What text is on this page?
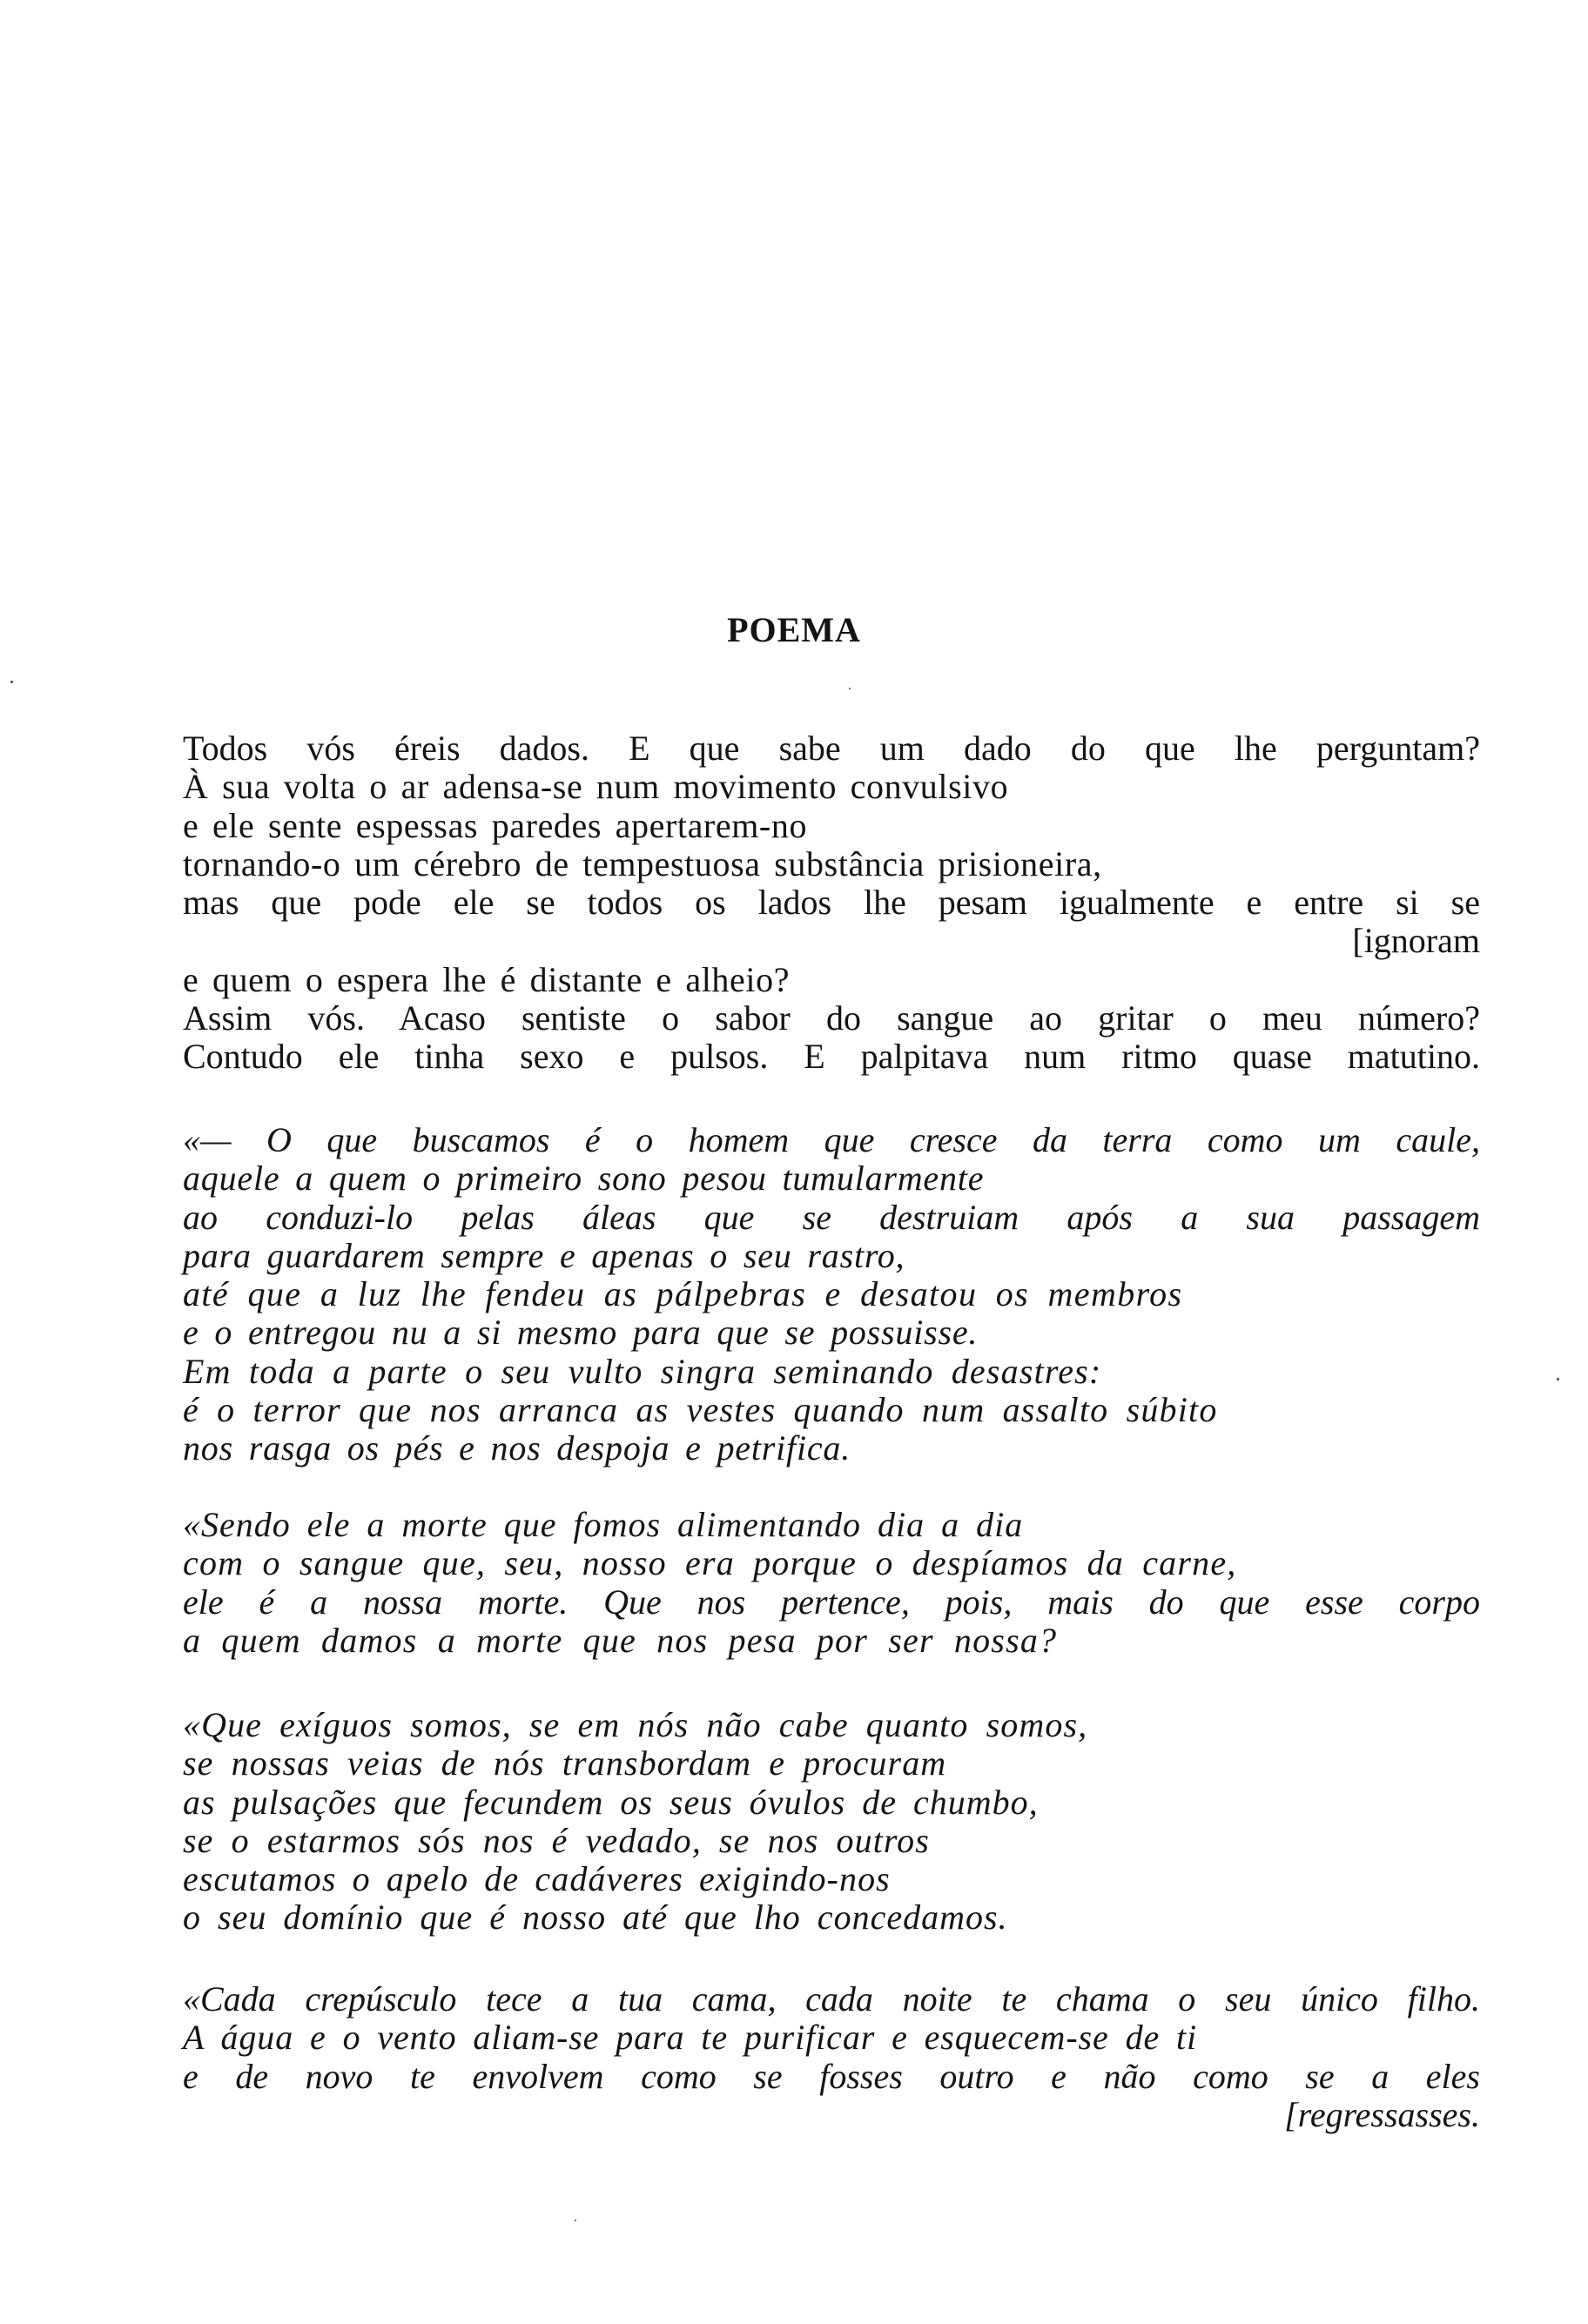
POEMA
Todos vós éreis dados. E que sabe um dado do que lhe perguntam?
À sua volta o ar adensa-se num movimento convulsivo
e ele sente espessas paredes apertarem-no
tornando-o um cérebro de tempestuosa substância prisioneira,
mas que pode ele se todos os lados lhe pesam igualmente e entre si se
[ignoram
e quem o espera lhe é distante e alheio?
Assim vós. Acaso sentiste o sabor do sangue ao gritar o meu número?
Contudo ele tinha sexo e pulsos. E palpitava num ritmo quase matutino.
«— O que buscamos é o homem que cresce da terra como um caule,
aquele a quem o primeiro sono pesou tumularmente
ao conduzi-lo pelas áleas que se destruiam após a sua passagem
para guardarem sempre e apenas o seu rastro,
até que a luz lhe fendeu as pálpebras e desatou os membros
e o entregou nu a si mesmo para que se possuisse.
Em toda a parte o seu vulto singra seminando desastres:
é o terror que nos arranca as vestes quando num assalto súbito
nos rasga os pés e nos despoja e petrifica.
«Sendo ele a morte que fomos alimentando dia a dia
com o sangue que, seu, nosso era porque o despíamos da carne,
ele é a nossa morte. Que nos pertence, pois, mais do que esse corpo
a quem damos a morte que nos pesa por ser nossa?
«Que exíguos somos, se em nós não cabe quanto somos,
se nossas veias de nós transbordam e procuram
as pulsações que fecundem os seus óvulos de chumbo,
se o estarmos sós nos é vedado, se nos outros
escutamos o apelo de cadáveres exigindo-nos
o seu domínio que é nosso até que lho concedamos.
«Cada crepúsculo tece a tua cama, cada noite te chama o seu único filho.
A água e o vento aliam-se para te purificar e esquecem-se de ti
e de novo te envolvem como se fosses outro e não como se a eles
[regressasses.
